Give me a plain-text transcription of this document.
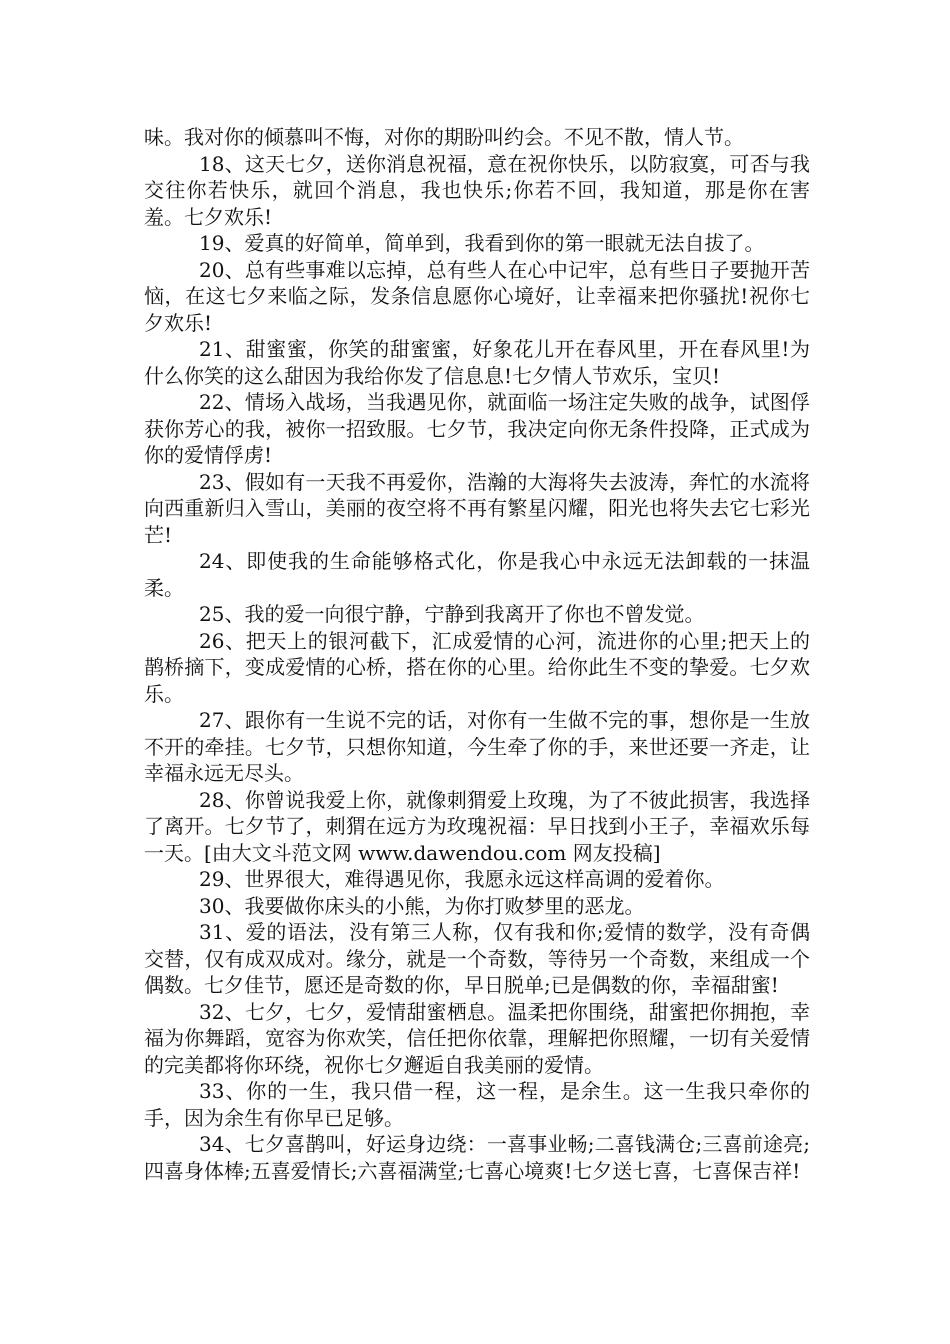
味。我对你的倾慕叫不悔，对你的期盼叫约会。不见不散，情人节。

18、这天七夕，送你消息祝福，意在祝你快乐，以防寂寞，可否与我交往你若快乐，就回个消息，我也快乐;你若不回，我知道，那是你在害羞。七夕欢乐!

19、爱真的好简单，简单到，我看到你的第一眼就无法自拔了。

20、总有些事难以忘掉，总有些人在心中记牢，总有些日子要抛开苦恼，在这七夕来临之际，发条信息愿你心境好，让幸福来把你骚扰!祝你七夕欢乐!

21、甜蜜蜜，你笑的甜蜜蜜，好象花儿开在春风里，开在春风里!为什么你笑的这么甜因为我给你发了信息息!七夕情人节欢乐，宝贝!

22、情场入战场，当我遇见你，就面临一场注定失败的战争，试图俘获你芳心的我，被你一招致服。七夕节，我决定向你无条件投降，正式成为你的爱情俘虏!

23、假如有一天我不再爱你，浩瀚的大海将失去波涛，奔忙的水流将向西重新归入雪山，美丽的夜空将不再有繁星闪耀，阳光也将失去它七彩光芒!

24、即使我的生命能够格式化，你是我心中永远无法卸载的一抹温柔。

25、我的爱一向很宁静，宁静到我离开了你也不曾发觉。

26、把天上的银河截下，汇成爱情的心河，流进你的心里;把天上的鹊桥摘下，变成爱情的心桥，搭在你的心里。给你此生不变的挚爱。七夕欢乐。

27、跟你有一生说不完的话，对你有一生做不完的事，想你是一生放不开的牵挂。七夕节，只想你知道，今生牵了你的手，来世还要一齐走，让幸福永远无尽头。

28、你曾说我爱上你，就像刺猬爱上玫瑰，为了不彼此损害，我选择了离开。七夕节了，刺猬在远方为玫瑰祝福：早日找到小王子，幸福欢乐每一天。[由大文斗范文网 www.dawendou.com 网友投稿]

29、世界很大，难得遇见你，我愿永远这样高调的爱着你。

30、我要做你床头的小熊，为你打败梦里的恶龙。

31、爱的语法，没有第三人称，仅有我和你;爱情的数学，没有奇偶交替，仅有成双成对。缘分，就是一个奇数，等待另一个奇数，来组成一个偶数。七夕佳节，愿还是奇数的你，早日脱单;已是偶数的你，幸福甜蜜!

32、七夕，七夕，爱情甜蜜栖息。温柔把你围绕，甜蜜把你拥抱，幸福为你舞蹈，宽容为你欢笑，信任把你依靠，理解把你照耀，一切有关爱情的完美都将你环绕，祝你七夕邂逅自我美丽的爱情。

33、你的一生，我只借一程，这一程，是余生。这一生我只牵你的手，因为余生有你早已足够。

34、七夕喜鹊叫，好运身边绕：一喜事业畅;二喜钱满仓;三喜前途亮;四喜身体棒;五喜爱情长;六喜福满堂;七喜心境爽!七夕送七喜，七喜保吉祥!
